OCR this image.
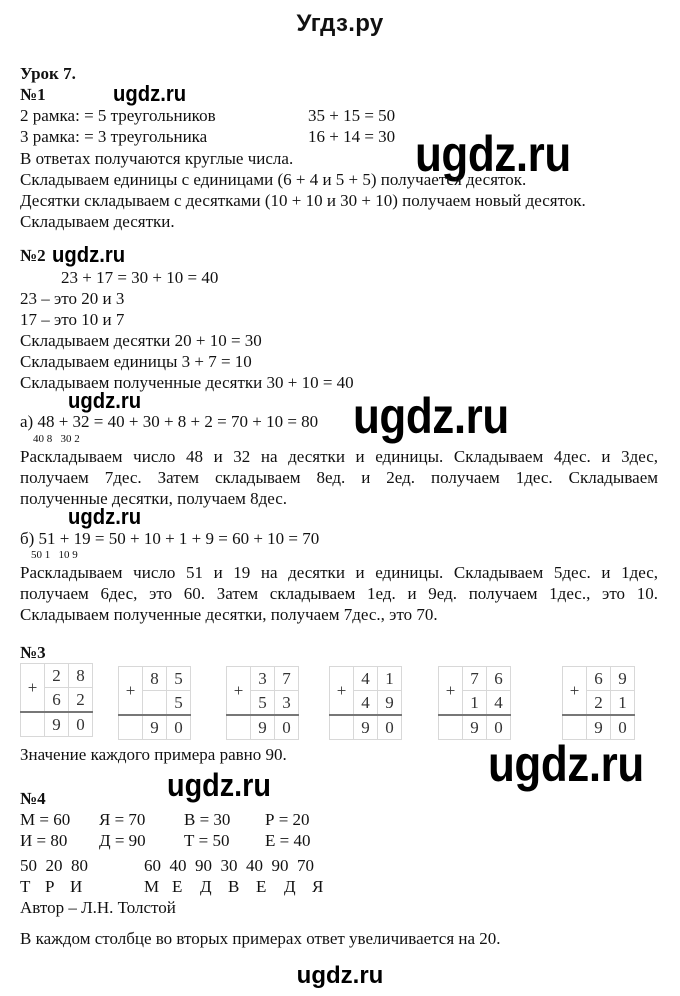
Угдз.ру
Урок 7.
№1	ugdz.ru
2 рамка: = 5 треугольников	35 + 15 = 50
3 рамка: = 3 треугольника	16 + 14 = 30 ugdz.ru
В ответах получаются круглые числа.
Складываем единицы с единицами (6 + 4 и 5 + 5) получается десяток.
Десятки складываем с десятками (10 + 10 и 30 + 10) получаем новый десяток.
Складываем десятки.
№2 ugdz.ru
23 + 17 = 30 + 10 = 40
23 – это 20 и 3
17 – это 10 и 7
Складываем десятки 20 + 10 = 30
Складываем единицы 3 + 7 = 10
Складываем полученные десятки 30 + 10 = 40
ugdz.ru
а) 48 + 32 = 40 + 30 + 8 + 2 = 70 + 10 = 80 ugdz.ru
40 8 30 2
Раскладываем число 48 и 32 на десятки и единицы. Складываем 4дес. и 3дес,
получаем 7дес. Затем складываем 8ед. и 2ед. получаем 1дес. Складываем
полученные десятки, получаем 8дес.
ugdz.ru
б) 51 + 19 = 50 + 10 + 1 + 9 = 60 + 10 = 70
50 1 10 9
Раскладываем число 51 и 19 на десятки и единицы. Складываем 5дес. и 1дес,
получаем 6дес, это 60. Затем складываем 1ед. и 9ед. получаем 1дес., это 10.
Складываем полученные десятки, получаем 7дес., это 70.
№3
+	2	8
	6	2
	9	0
+	8	5
		5
	9	0
+	3	7
	5	3
	9	0
+	4	1
	4	9
	9	0
+	7	6
	1	4
	9	0
+	6	9
	2	1
	9	0
Значение каждого примера равно 90.	ugdz.ru
ugdz.ru
№4
М = 60 Я = 70 В = 30 Р = 20
И = 80 Д = 90 Т = 50 Е = 40
50 20 80	60 40 90 30 40 90 70
Т Р И	М Е Д В Е Д Я
Автор – Л.Н. Толстой
В каждом столбце во вторых примерах ответ увеличивается на 20.
ugdz.ru
